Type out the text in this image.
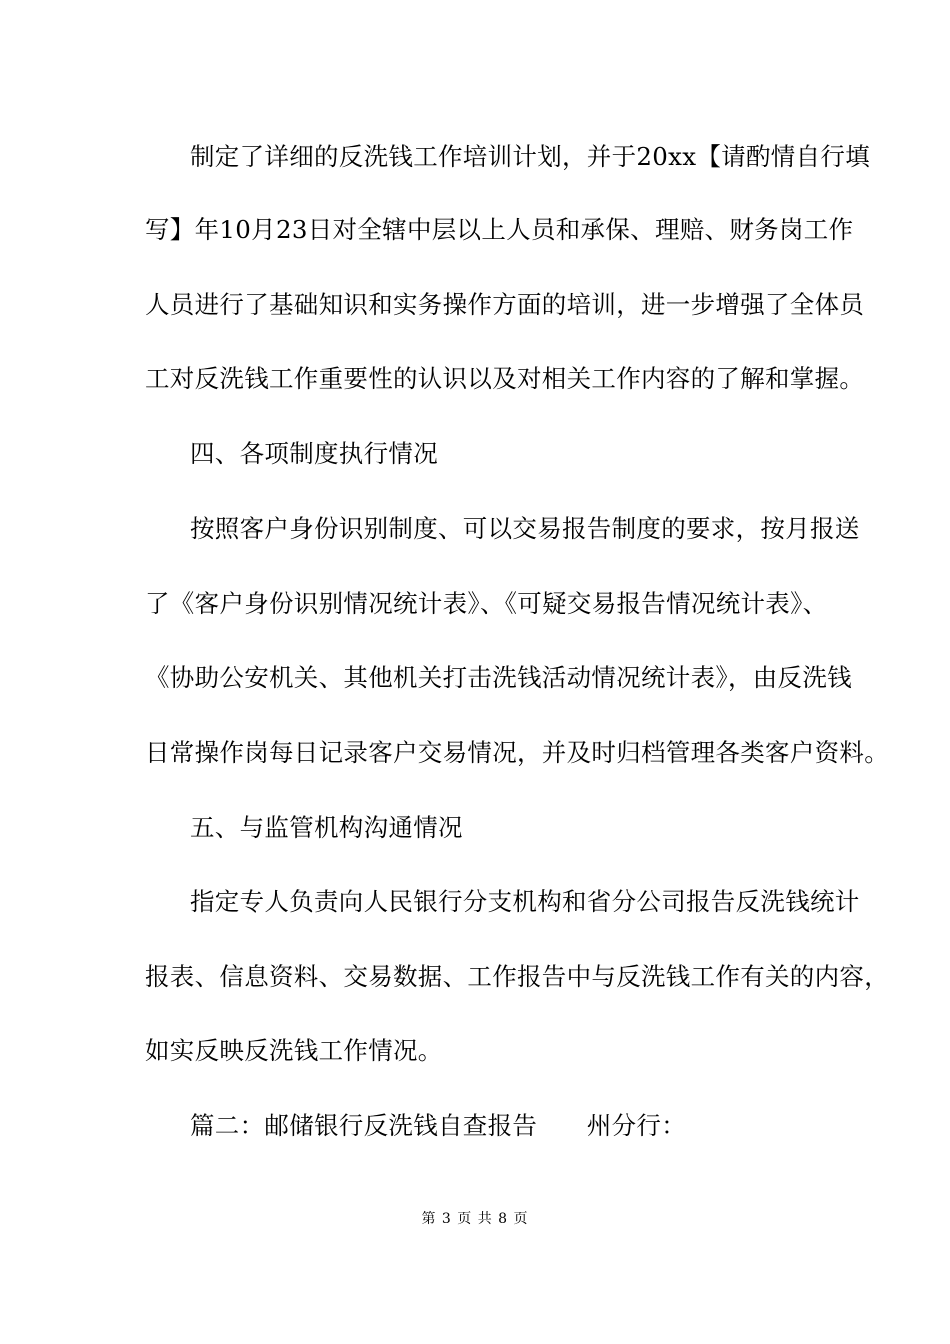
制定了详细的反洗钱工作培训计划，并于20xx【请酌情自行填
写】年10月23日对全辖中层以上人员和承保、理赔、财务岗工作
人员进行了基础知识和实务操作方面的培训，进一步增强了全体员
工对反洗钱工作重要性的认识以及对相关工作内容的了解和掌握。
四、各项制度执行情况
按照客户身份识别制度、可以交易报告制度的要求，按月报送
了《客户身份识别情况统计表》、《可疑交易报告情况统计表》、
《协助公安机关、其他机关打击洗钱活动情况统计表》，由反洗钱
日常操作岗每日记录客户交易情况，并及时归档管理各类客户资料。
五、与监管机构沟通情况
指定专人负责向人民银行分支机构和省分公司报告反洗钱统计
报表、信息资料、交易数据、工作报告中与反洗钱工作有关的内容，
如实反映反洗钱工作情况。
篇二：邮储银行反洗钱自查报告　　州分行：
第 3 页 共 8 页
